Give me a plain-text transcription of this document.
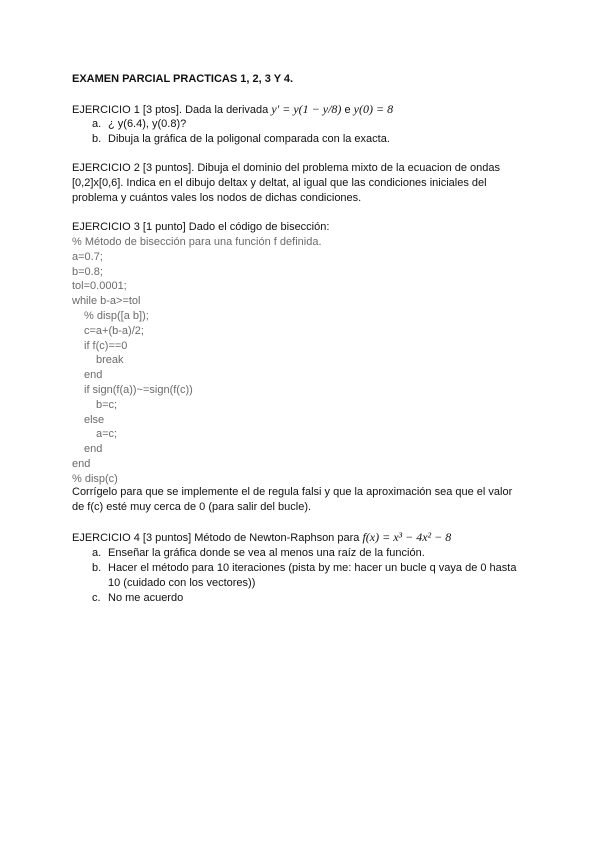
EXAMEN PARCIAL PRACTICAS 1, 2, 3 Y 4.
EJERCICIO 1 [3 ptos]. Dada la derivada y' = y(1 − y/8) e y(0) = 8
a. ¿ y(6.4), y(0.8)?
b. Dibuja la gráfica de la poligonal comparada con la exacta.
EJERCICIO 2 [3 puntos]. Dibuja el dominio del problema mixto de la ecuacion de ondas
[0,2]x[0,6]. Indica en el dibujo deltax y deltat, al igual que las condiciones iniciales del
problema y cuántos vales los nodos de dichas condiciones.
EJERCICIO 3 [1 punto] Dado el código de bisección:
% Método de bisección para una función f definida.
a=0.7;
b=0.8;
tol=0.0001;
while b-a>=tol
% disp([a b]);
c=a+(b-a)/2;
if f(c)==0
break
end
if sign(f(a))~=sign(f(c))
b=c;
else
a=c;
end
end
% disp(c)
Corrígelo para que se implemente el de regula falsi y que la aproximación sea que el valor
de f(c) esté muy cerca de 0 (para salir del bucle).
EJERCICIO 4 [3 puntos] Método de Newton-Raphson para f(x) = x³ − 4x² − 8
a. Enseñar la gráfica donde se vea al menos una raíz de la función.
b. Hacer el método para 10 iteraciones (pista by me: hacer un bucle q vaya de 0 hasta
10 (cuidado con los vectores))
c. No me acuerdo
